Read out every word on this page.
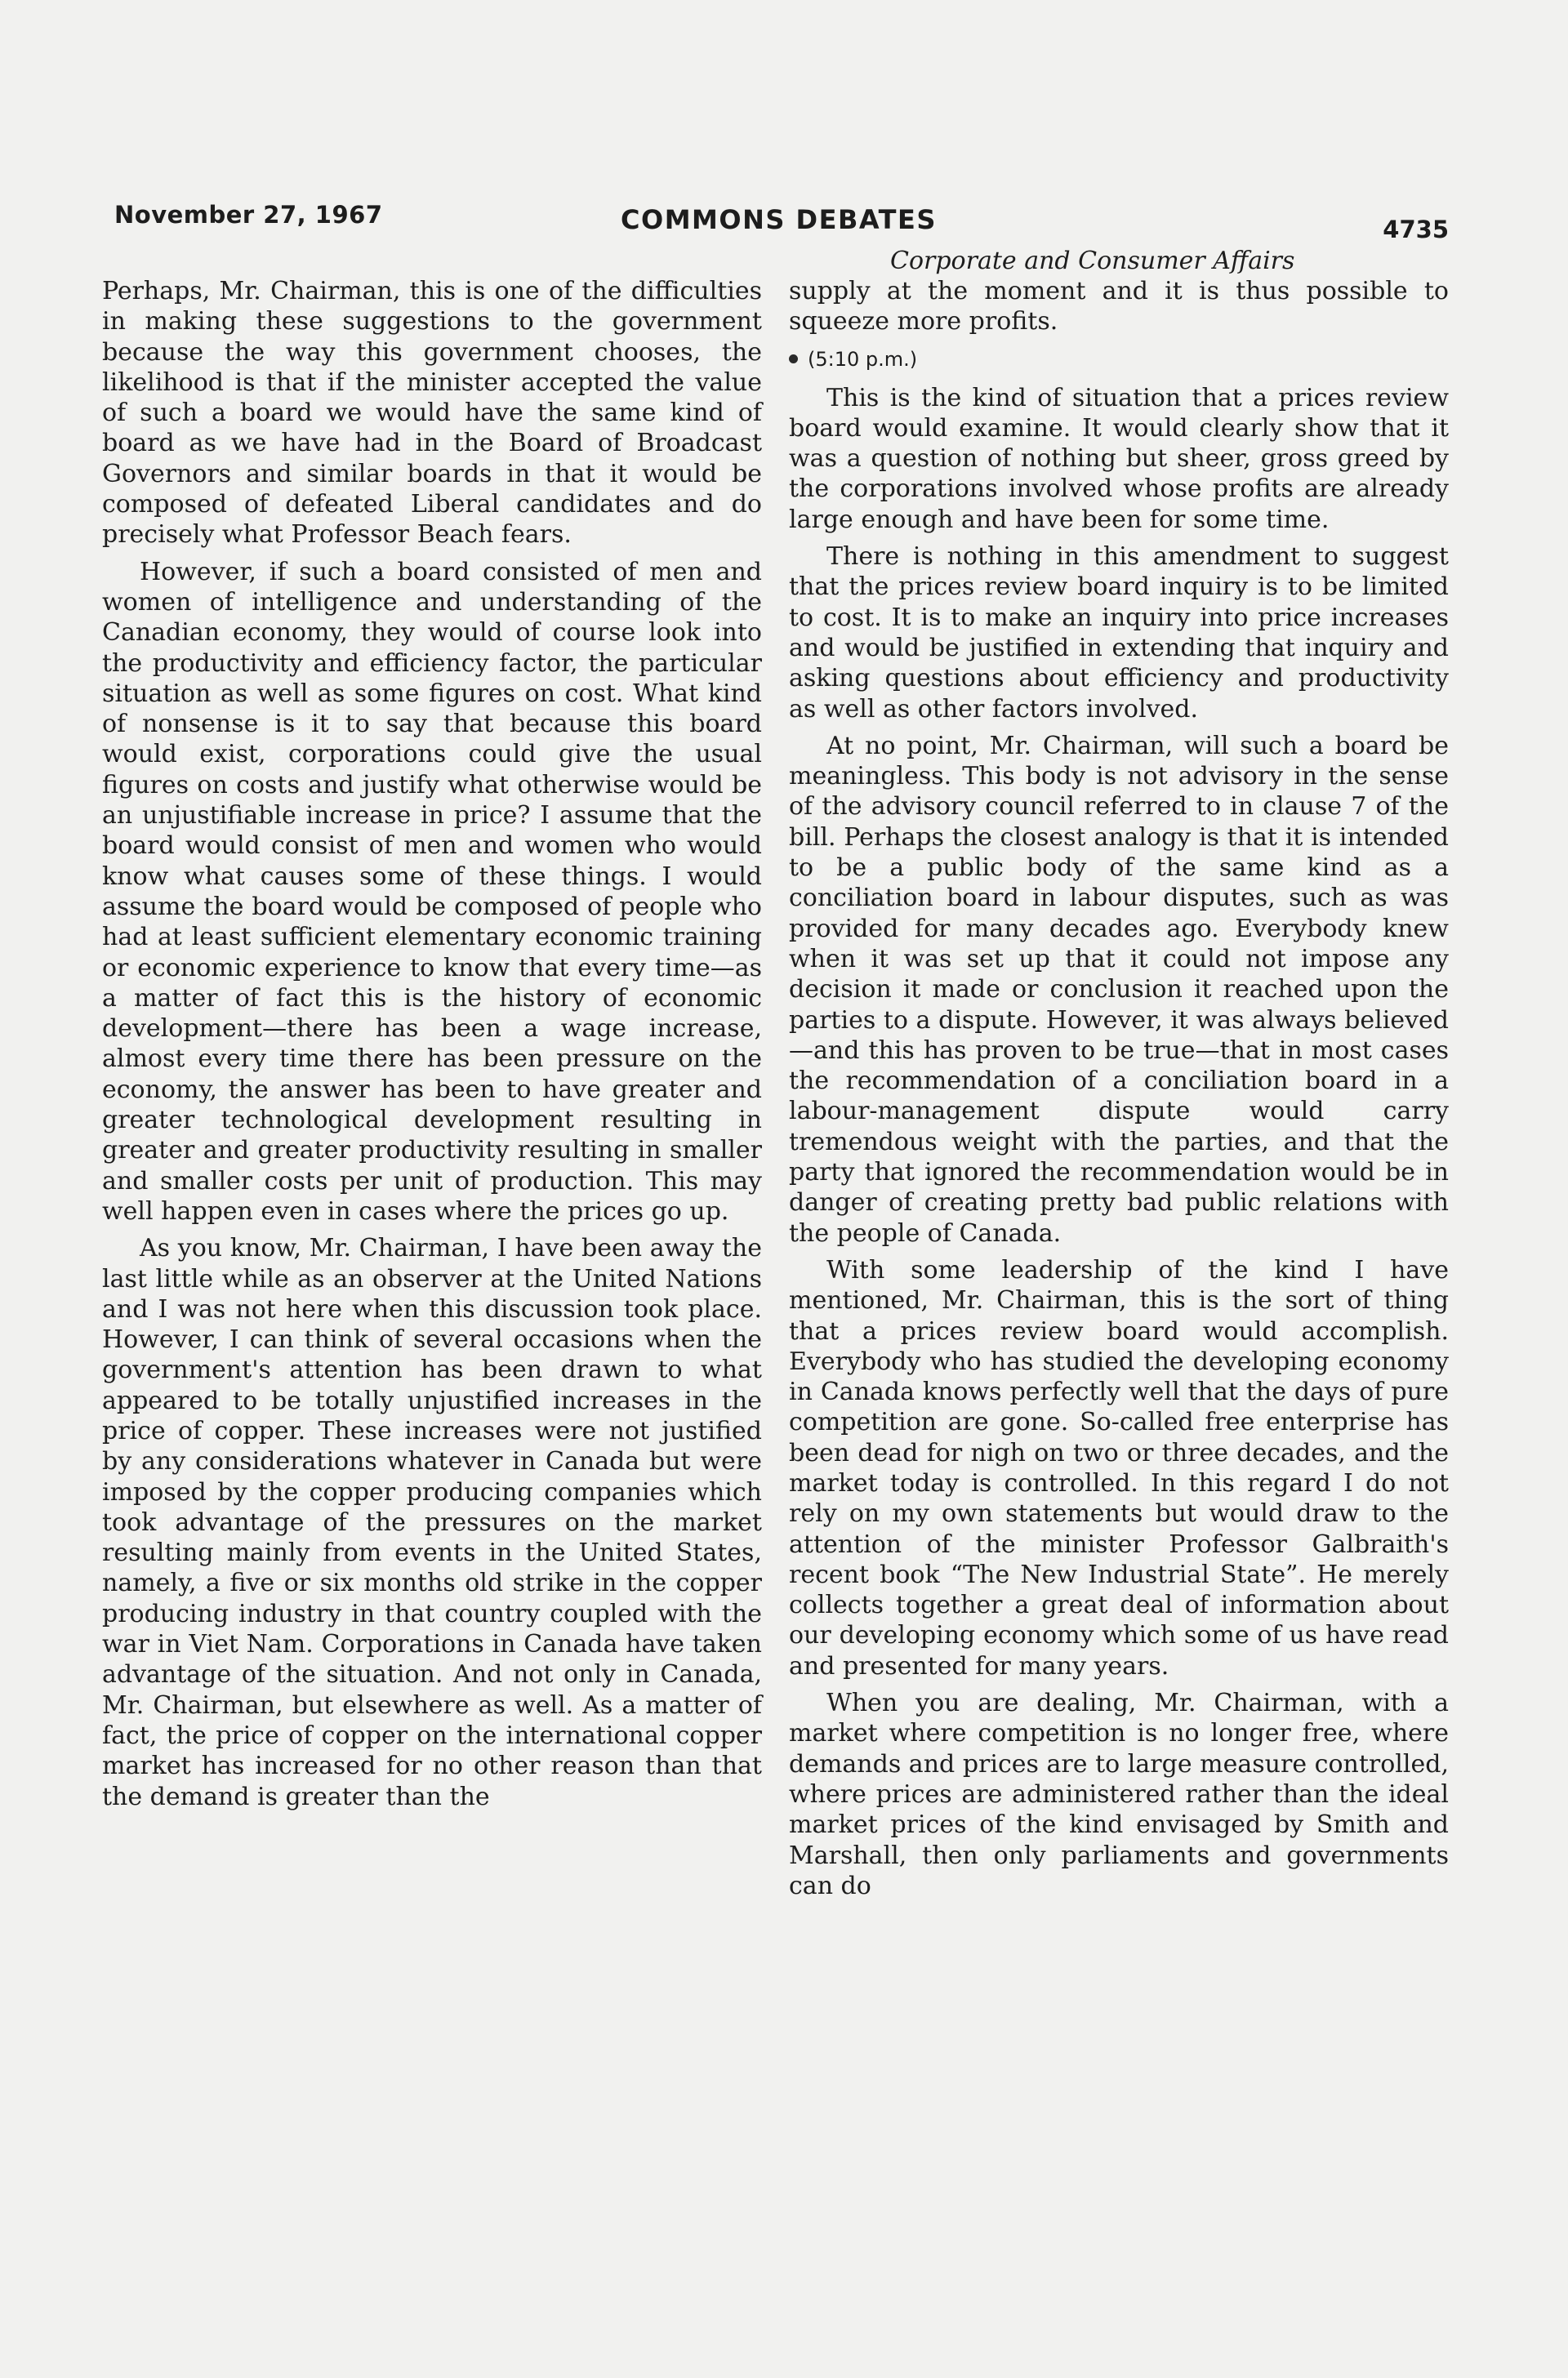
November 27, 1967	COMMONS DEBATES	4735
Corporate and Consumer Affairs

Perhaps, Mr. Chairman, this is one of the difficulties in making these suggestions to the government because the way this government chooses, the likelihood is that if the minister accepted the value of such a board we would have the same kind of board as we have had in the Board of Broadcast Governors and similar boards in that it would be composed of defeated Liberal candidates and do precisely what Professor Beach fears.

However, if such a board consisted of men and women of intelligence and understanding of the Canadian economy, they would of course look into the productivity and efficiency factor, the particular situation as well as some figures on cost. What kind of nonsense is it to say that because this board would exist, corporations could give the usual figures on costs and justify what otherwise would be an unjustifiable increase in price? I assume that the board would consist of men and women who would know what causes some of these things. I would assume the board would be composed of people who had at least sufficient elementary economic training or economic experience to know that every time—as a matter of fact this is the history of economic development—there has been a wage increase, almost every time there has been pressure on the economy, the answer has been to have greater and greater technological development resulting in greater and greater productivity resulting in smaller and smaller costs per unit of production. This may well happen even in cases where the prices go up.

As you know, Mr. Chairman, I have been away the last little while as an observer at the United Nations and I was not here when this discussion took place. However, I can think of several occasions when the government's attention has been drawn to what appeared to be totally unjustified increases in the price of copper. These increases were not justified by any considerations whatever in Canada but were imposed by the copper producing companies which took advantage of the pressures on the market resulting mainly from events in the United States, namely, a five or six months old strike in the copper producing industry in that country coupled with the war in Viet Nam. Corporations in Canada have taken advantage of the situation. And not only in Canada, Mr. Chairman, but elsewhere as well. As a matter of fact, the price of copper on the international copper market has increased for no other reason than that the demand is greater than the

supply at the moment and it is thus possible to squeeze more profits.

(5:10 p.m.)

This is the kind of situation that a prices review board would examine. It would clearly show that it was a question of nothing but sheer, gross greed by the corporations involved whose profits are already large enough and have been for some time.

There is nothing in this amendment to suggest that the prices review board inquiry is to be limited to cost. It is to make an inquiry into price increases and would be justified in extending that inquiry and asking questions about efficiency and productivity as well as other factors involved.

At no point, Mr. Chairman, will such a board be meaningless. This body is not advisory in the sense of the advisory council referred to in clause 7 of the bill. Perhaps the closest analogy is that it is intended to be a public body of the same kind as a conciliation board in labour disputes, such as was provided for many decades ago. Everybody knew when it was set up that it could not impose any decision it made or conclusion it reached upon the parties to a dispute. However, it was always believed—and this has proven to be true—that in most cases the recommendation of a conciliation board in a labour-management dispute would carry tremendous weight with the parties, and that the party that ignored the recommendation would be in danger of creating pretty bad public relations with the people of Canada.

With some leadership of the kind I have mentioned, Mr. Chairman, this is the sort of thing that a prices review board would accomplish. Everybody who has studied the developing economy in Canada knows perfectly well that the days of pure competition are gone. So-called free enterprise has been dead for nigh on two or three decades, and the market today is controlled. In this regard I do not rely on my own statements but would draw to the attention of the minister Professor Galbraith's recent book “The New Industrial State”. He merely collects together a great deal of information about our developing economy which some of us have read and presented for many years.

When you are dealing, Mr. Chairman, with a market where competition is no longer free, where demands and prices are to large measure controlled, where prices are administered rather than the ideal market prices of the kind envisaged by Smith and Marshall, then only parliaments and governments can do
